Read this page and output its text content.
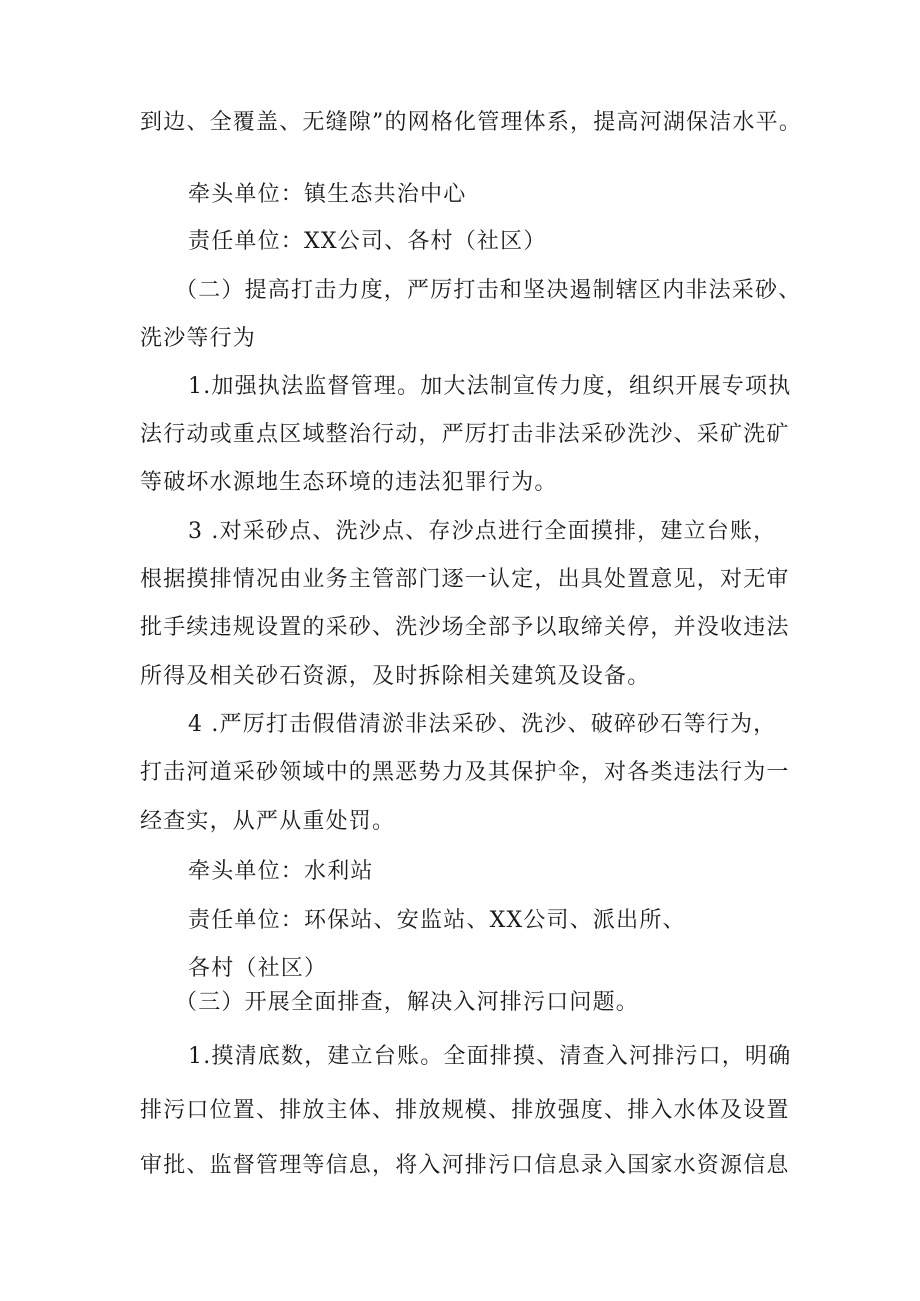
到边、全覆盖、无缝隙”的网格化管理体系，提高河湖保洁水平。
牵头单位：镇生态共治中心
责任单位：XX公司、各村（社区）
（二）提高打击力度，严厉打击和坚决遏制辖区内非法采砂、
洗沙等行为
1.加强执法监督管理。加大法制宣传力度，组织开展专项执
法行动或重点区域整治行动，严厉打击非法采砂洗沙、采矿洗矿
等破坏水源地生态环境的违法犯罪行为。
3 .对采砂点、洗沙点、存沙点进行全面摸排，建立台账，
根据摸排情况由业务主管部门逐一认定，出具处置意见，对无审
批手续违规设置的采砂、洗沙场全部予以取缔关停，并没收违法
所得及相关砂石资源，及时拆除相关建筑及设备。
4 .严厉打击假借清淤非法采砂、洗沙、破碎砂石等行为，
打击河道采砂领域中的黑恶势力及其保护伞，对各类违法行为一
经查实，从严从重处罚。
牵头单位：水利站
责任单位：环保站、安监站、XX公司、派出所、
各村（社区）
（三）开展全面排查，解决入河排污口问题。
1.摸清底数，建立台账。全面排摸、清查入河排污口，明确
排污口位置、排放主体、排放规模、排放强度、排入水体及设置
审批、监督管理等信息，将入河排污口信息录入国家水资源信息
